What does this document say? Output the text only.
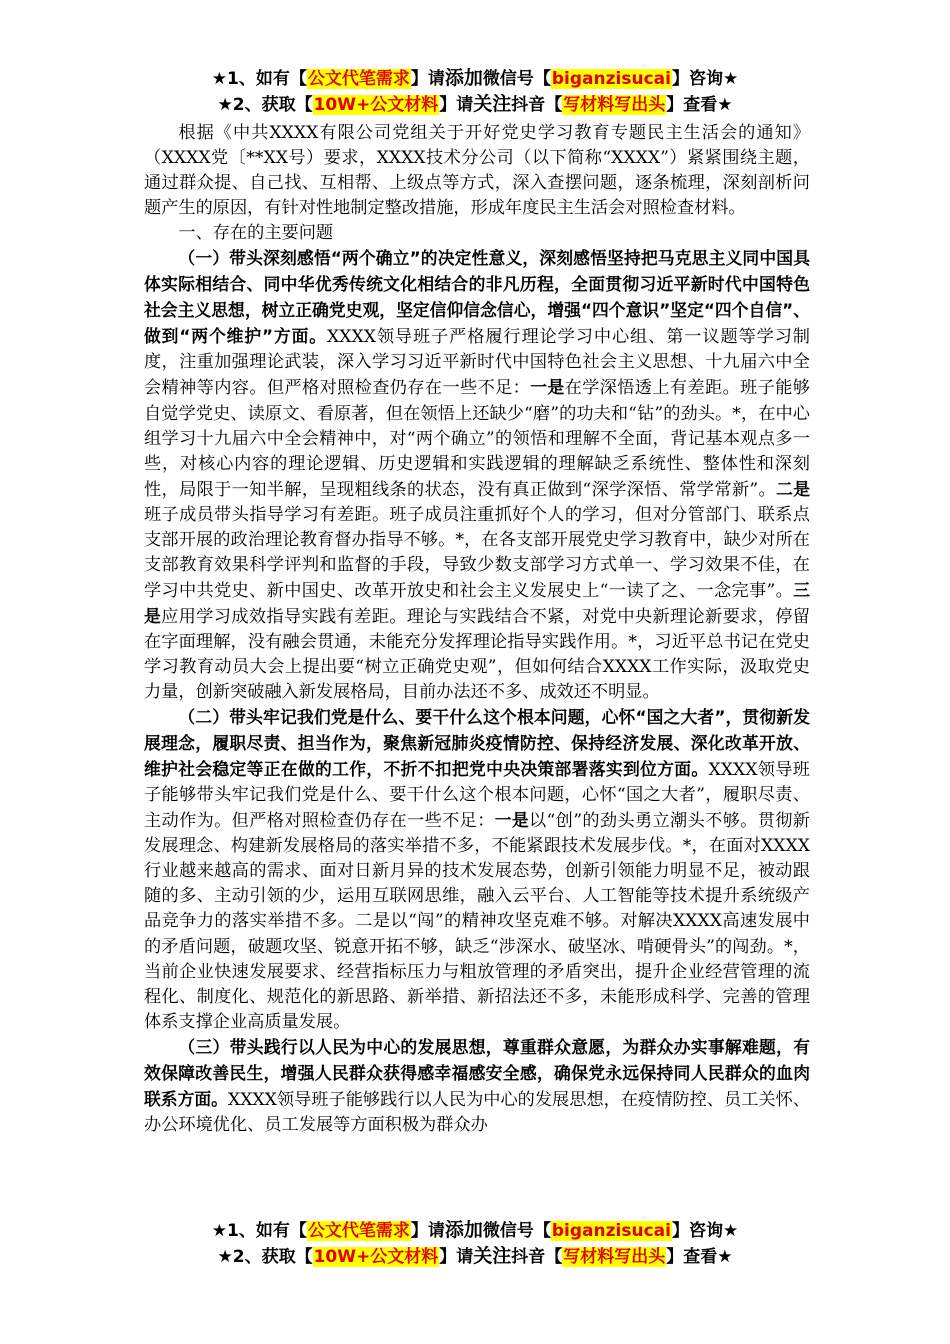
★1、如有【公文代笔需求】请添加微信号【biganzisucai】咨询★
★2、获取【10W+公文材料】请关注抖音【写材料写出头】查看★

根据《中共XXXX有限公司党组关于开好党史学习教育专题民主生活会的通知》（XXXX党〔**XX号）要求，XXXX技术分公司（以下简称“XXXX”）紧紧围绕主题，通过群众提、自己找、互相帮、上级点等方式，深入查摆问题，逐条梳理，深刻剖析问题产生的原因，有针对性地制定整改措施，形成年度民主生活会对照检查材料。

一、存在的主要问题

（一）带头深刻感悟“两个确立”的决定性意义，深刻感悟坚持把马克思主义同中国具体实际相结合、同中华优秀传统文化相结合的非凡历程，全面贯彻习近平新时代中国特色社会主义思想，树立正确党史观，坚定信仰信念信心，增强“四个意识”坚定“四个自信”、做到“两个维护”方面。XXXX领导班子严格履行理论学习中心组、第一议题等学习制度，注重加强理论武装，深入学习习近平新时代中国特色社会主义思想、十九届六中全会精神等内容。但严格对照检查仍存在一些不足：一是在学深悟透上有差距。班子能够自觉学党史、读原文、看原著，但在领悟上还缺少“磨”的功夫和“钻”的劲头。*，在中心组学习十九届六中全会精神中，对“两个确立”的领悟和理解不全面，背记基本观点多一些，对核心内容的理论逻辑、历史逻辑和实践逻辑的理解缺乏系统性、整体性和深刻性，局限于一知半解，呈现粗线条的状态，没有真正做到“深学深悟、常学常新”。二是班子成员带头指导学习有差距。班子成员注重抓好个人的学习，但对分管部门、联系点支部开展的政治理论教育督办指导不够。*，在各支部开展党史学习教育中，缺少对所在支部教育效果科学评判和监督的手段，导致少数支部学习方式单一、学习效果不佳，在学习中共党史、新中国史、改革开放史和社会主义发展史上“一读了之、一念完事”。三是应用学习成效指导实践有差距。理论与实践结合不紧，对党中央新理论新要求，停留在字面理解，没有融会贯通，未能充分发挥理论指导实践作用。*，习近平总书记在党史学习教育动员大会上提出要“树立正确党史观”，但如何结合XXXX工作实际，汲取党史力量，创新突破融入新发展格局，目前办法还不多、成效还不明显。

（二）带头牢记我们党是什么、要干什么这个根本问题，心怀“国之大者”，贯彻新发展理念，履职尽责、担当作为，聚焦新冠肺炎疫情防控、保持经济发展、深化改革开放、维护社会稳定等正在做的工作，不折不扣把党中央决策部署落实到位方面。XXXX领导班子能够带头牢记我们党是什么、要干什么这个根本问题，心怀“国之大者”，履职尽责、主动作为。但严格对照检查仍存在一些不足：一是以“创”的劲头勇立潮头不够。贯彻新发展理念、构建新发展格局的落实举措不多，不能紧跟技术发展步伐。*，在面对XXXX行业越来越高的需求、面对日新月异的技术发展态势，创新引领能力明显不足，被动跟随的多、主动引领的少，运用互联网思维，融入云平台、人工智能等技术提升系统级产品竞争力的落实举措不多。二是以“闯”的精神攻坚克难不够。对解决XXXX高速发展中的矛盾问题，破题攻坚、锐意开拓不够，缺乏“涉深水、破坚冰、啃硬骨头”的闯劲。*，当前企业快速发展要求、经营指标压力与粗放管理的矛盾突出，提升企业经营管理的流程化、制度化、规范化的新思路、新举措、新招法还不多，未能形成科学、完善的管理体系支撑企业高质量发展。

（三）带头践行以人民为中心的发展思想，尊重群众意愿，为群众办实事解难题，有效保障改善民生，增强人民群众获得感幸福感安全感，确保党永远保持同人民群众的血肉联系方面。XXXX领导班子能够践行以人民为中心的发展思想，在疫情防控、员工关怀、办公环境优化、员工发展等方面积极为群众办

★1、如有【公文代笔需求】请添加微信号【biganzisucai】咨询★
★2、获取【10W+公文材料】请关注抖音【写材料写出头】查看★
